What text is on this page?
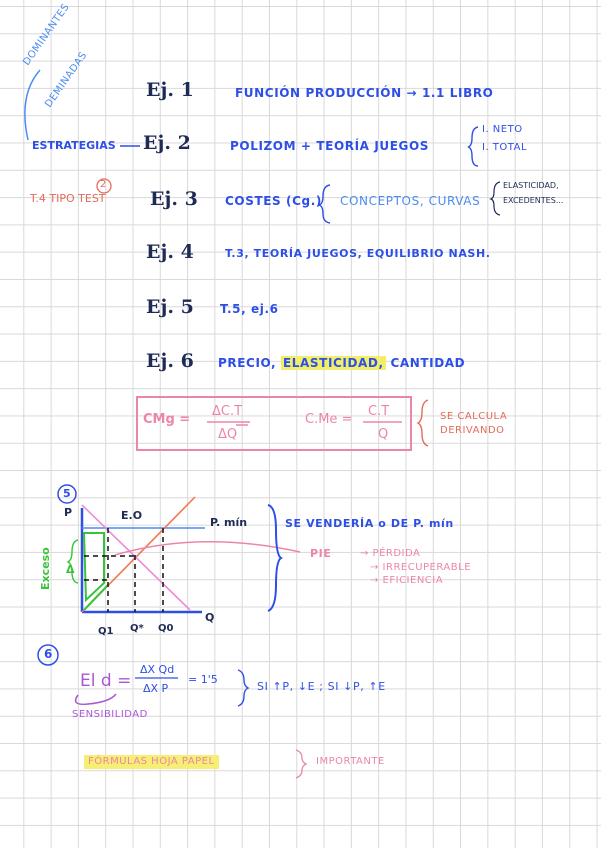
DOMINANTES
DEMINADAS
ESTRATEGIAS
T.4 TIPO TEST
2
Ej. 1	FUNCIÓN PRODUCCIÓN → 1.1 LIBRO
Ej. 2	POLIZOM + TEORÍA JUEGOS
I. NETO
I. TOTAL
Ej. 3 COSTES (Cg.) CONCEPTOS, CURVAS
ELASTICIDAD,
EXCEDENTES...
Ej. 4	T.3, TEORÍA JUEGOS, EQUILIBRIO NASH.
Ej. 5 T.5, ej.6
Ej. 6 PRECIO, ELASTICIDAD, CANTIDAD
CMg =
ΔC.T
ΔQ
C.Me =
C.T
Q
SE CALCULA
DERIVANDO
5
P	E.O
P. mín
Q
Q1 Q* Q0
Exceso Δ
SE VENDERÍA o DE P. mín
PIE	→ PÉRDIDA
→ IRRECUPERABLE
→ EFICIENCIA
6
El d =
ΔX Qd
ΔX P
= 1'5
SI ↑P, ↓E ; SI ↓P, ↑E
SENSIBILIDAD
FÓRMULAS HOJA PAPEL	IMPORTANTE
